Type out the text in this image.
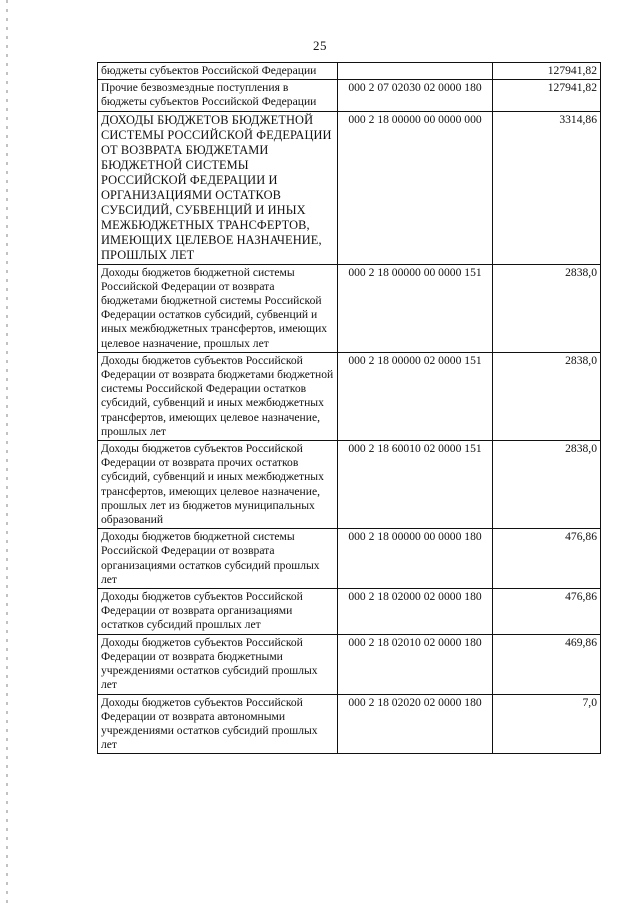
25
бюджеты субъектов Российской Федерации		127941,82
Прочие безвозмездные поступления в бюджеты субъектов Российской Федерации	000 2 07 02030 02 0000 180	127941,82
ДОХОДЫ БЮДЖЕТОВ БЮДЖЕТНОЙ СИСТЕМЫ РОССИЙСКОЙ ФЕДЕРАЦИИ ОТ ВОЗВРАТА БЮДЖЕТАМИ БЮДЖЕТНОЙ СИСТЕМЫ РОССИЙСКОЙ ФЕДЕРАЦИИ И ОРГАНИЗАЦИЯМИ ОСТАТКОВ СУБСИДИЙ, СУБВЕНЦИЙ И ИНЫХ МЕЖБЮДЖЕТНЫХ ТРАНСФЕРТОВ, ИМЕЮЩИХ ЦЕЛЕВОЕ НАЗНАЧЕНИЕ, ПРОШЛЫХ ЛЕТ	000 2 18 00000 00 0000 000	3314,86
Доходы бюджетов бюджетной системы Российской Федерации от возврата бюджетами бюджетной системы Российской Федерации остатков субсидий, субвенций и иных межбюджетных трансфертов, имеющих целевое назначение, прошлых лет	000 2 18 00000 00 0000 151	2838,0
Доходы бюджетов субъектов Российской Федерации от возврата бюджетами бюджетной системы Российской Федерации остатков субсидий, субвенций и иных межбюджетных трансфертов, имеющих целевое назначение, прошлых лет	000 2 18 00000 02 0000 151	2838,0
Доходы бюджетов субъектов Российской Федерации от возврата прочих остатков субсидий, субвенций и иных межбюджетных трансфертов, имеющих целевое назначение, прошлых лет из бюджетов муниципальных образований	000 2 18 60010 02 0000 151	2838,0
Доходы бюджетов бюджетной системы Российской Федерации от возврата организациями остатков субсидий прошлых лет	000 2 18 00000 00 0000 180	476,86
Доходы бюджетов субъектов Российской Федерации от возврата организациями остатков субсидий прошлых лет	000 2 18 02000 02 0000 180	476,86
Доходы бюджетов субъектов Российской Федерации от возврата бюджетными учреждениями остатков субсидий прошлых лет	000 2 18 02010 02 0000 180	469,86
Доходы бюджетов субъектов Российской Федерации от возврата автономными учреждениями остатков субсидий прошлых лет	000 2 18 02020 02 0000 180	7,0
